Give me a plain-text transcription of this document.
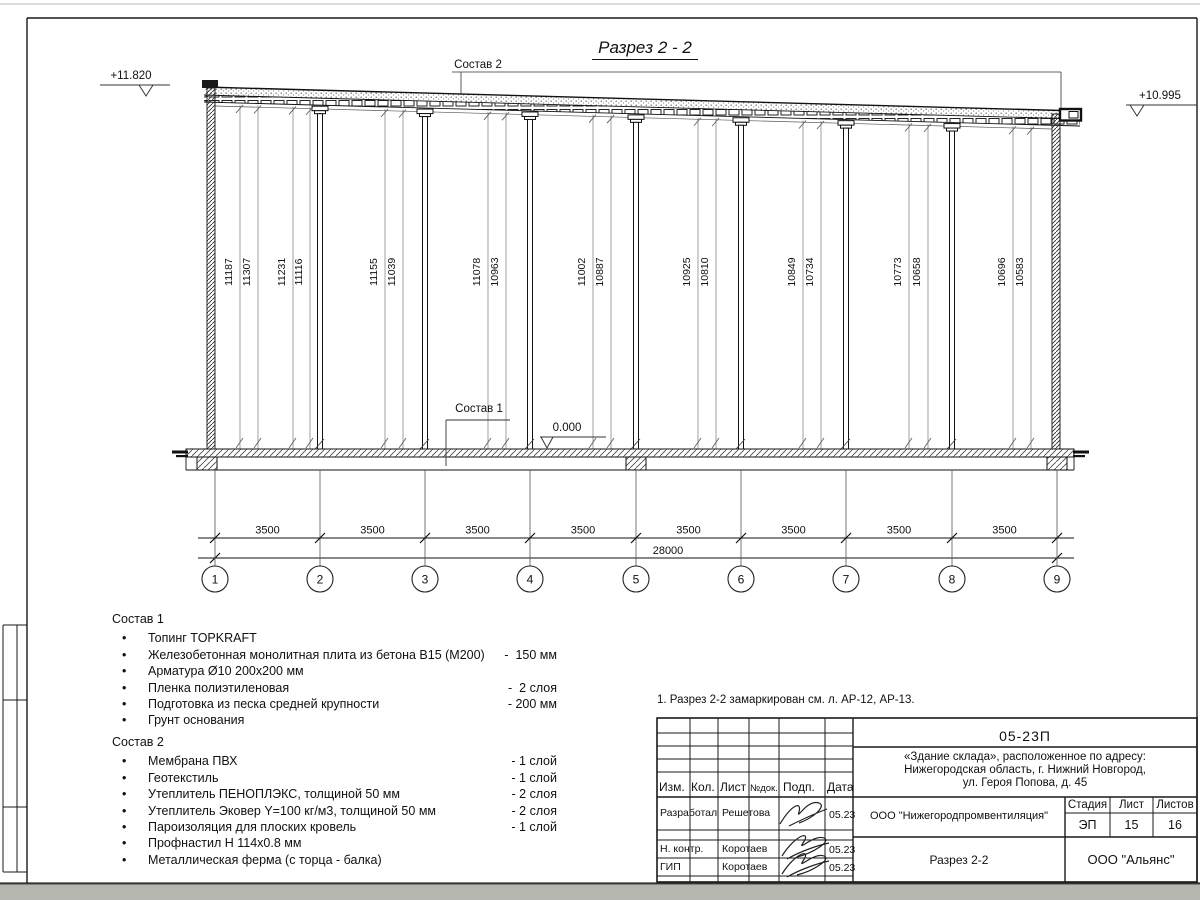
11187 11307 11231 11116	11155 11039	11078 10963	11002 10887	10925 10810	10849 10734	10773 10658	10696 10583
3500	3500	3500	3500	3500	3500	3500	3500
1	2	3	4	5	6	7	8	9
+11.820
+10.995
0.000
Состав 2
Состав 1
28000
Разрез 2 - 2
1. Разрез 2-2 замаркирован см. л. АР-12, АР-13.
Состав 1
•	Топинг TOPKRAFT
•	Железобетонная монолитная плита из бетона В15 (М200) -  150 мм
•	Арматура Ø10 200х200 мм
•	Пленка полиэтиленовая	-  2 слоя
•	Подготовка из песка средней крупности	- 200 мм
•	Грунт основания
Состав 2
•	Мембрана ПВХ	- 1 слой
•	Геотекстиль	- 1 слой
•	Утеплитель ПЕНОПЛЭКС, толщиной 50 мм	- 2 слоя
•	Утеплитель Эковер Y=100 кг/м3, толщиной 50 мм	- 2 слоя
•	Пароизоляция для плоских кровель	- 1 слой
•	Профнастил Н 114х0.8 мм
•	Металлическая ферма (с торца - балка)
05-23П
«Здание склада», расположенное по адресу:
Нижегородская область, г. Нижний Новгород,
ул. Героя Попова, д. 45
Изм. Кол. Лист №док. Подп. Дата
Разработал Решетова	05.23
Н. контр. Коротаев	05.23
ГИП	Коротаев	05.23
ООО "Нижегородпромвентиляция"
Разрез 2-2	ООО "Альянс"
Стадия	Лист	Листов
ЭП	15	16
